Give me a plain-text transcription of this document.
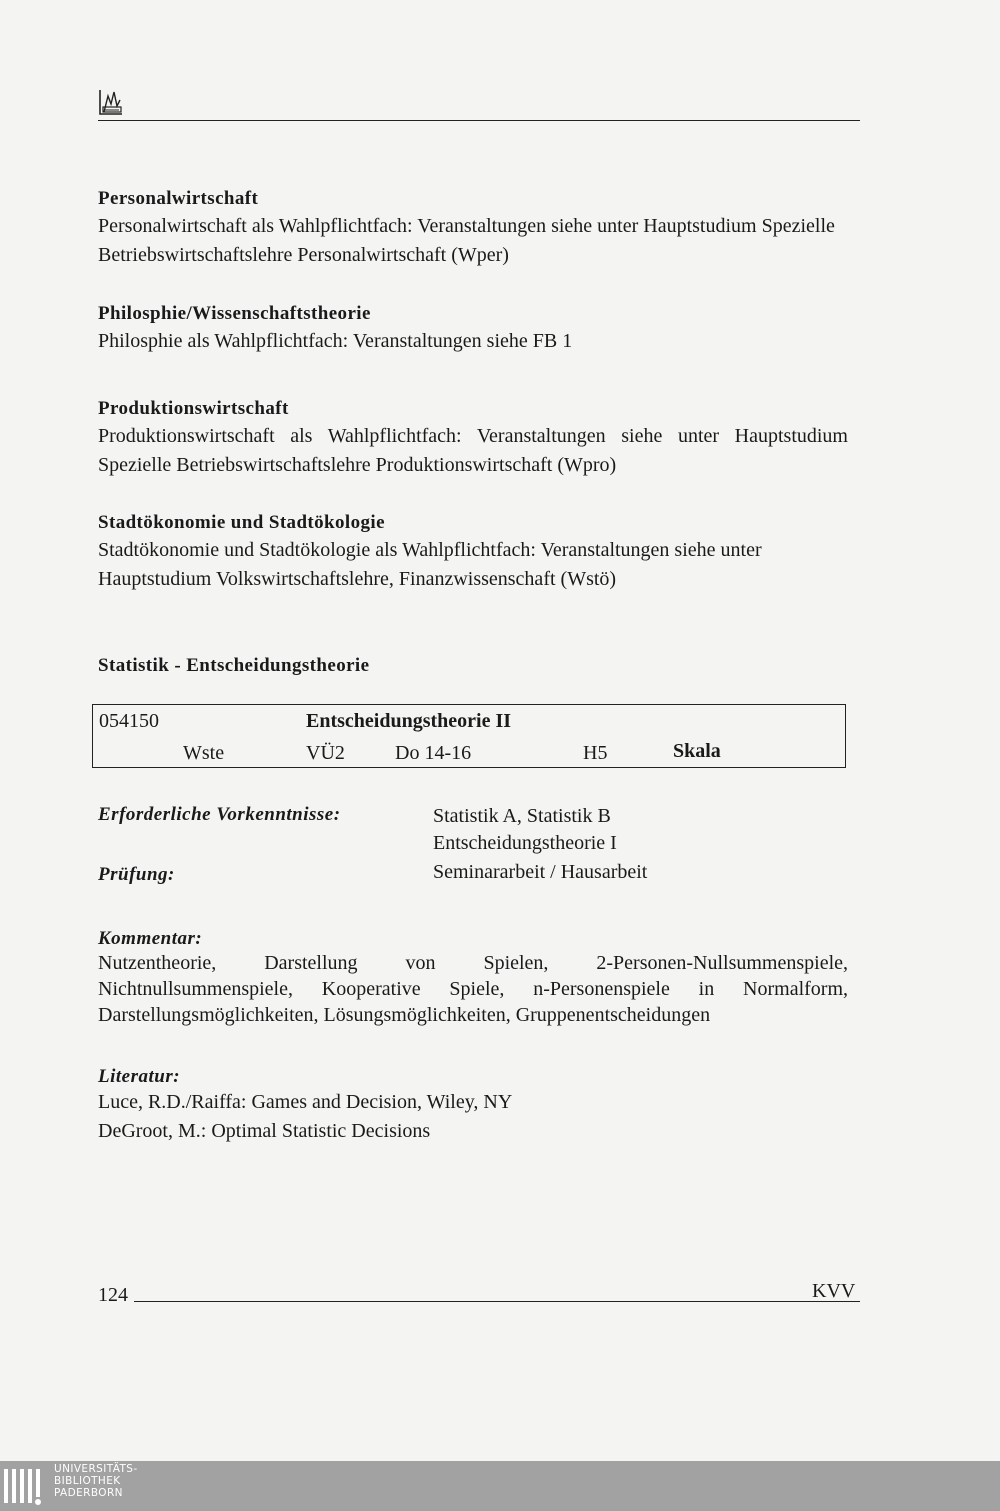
Personalwirtschaft
Personalwirtschaft als Wahlpflichtfach: Veranstaltungen siehe unter Hauptstudium Spezielle Betriebswirtschaftslehre Personalwirtschaft (Wper)
Philosphie/Wissenschaftstheorie
Philosphie als Wahlpflichtfach: Veranstaltungen siehe FB 1
Produktionswirtschaft
Produktionswirtschaft als Wahlpflichtfach: Veranstaltungen siehe unter Hauptstudium Spezielle Betriebswirtschaftslehre Produktionswirtschaft (Wpro)
Stadtökonomie und Stadtökologie
Stadtökonomie und Stadtökologie als Wahlpflichtfach: Veranstaltungen siehe unter Hauptstudium Volkswirtschaftslehre, Finanzwissenschaft (Wstö)
Statistik - Entscheidungstheorie
054150	Entscheidungstheorie II
Wste	VÜ2	Do 14-16	H5	Skala
Erforderliche Vorkenntnisse:	Statistik A, Statistik B
Entscheidungstheorie I
Prüfung:	Seminararbeit / Hausarbeit
Kommentar:
Nutzentheorie, Darstellung von Spielen, 2-Personen-Nullsummenspiele, Nichtnullsummenspiele, Kooperative Spiele, n-Personenspiele in Normalform, Darstellungsmöglichkeiten, Lösungsmöglichkeiten, Gruppenentscheidungen
Literatur:
Luce, R.D./Raiffa: Games and Decision, Wiley, NY
DeGroot, M.: Optimal Statistic Decisions
124	KVV
UNIVERSITÄTS-
BIBLIOTHEK
PADERBORN
